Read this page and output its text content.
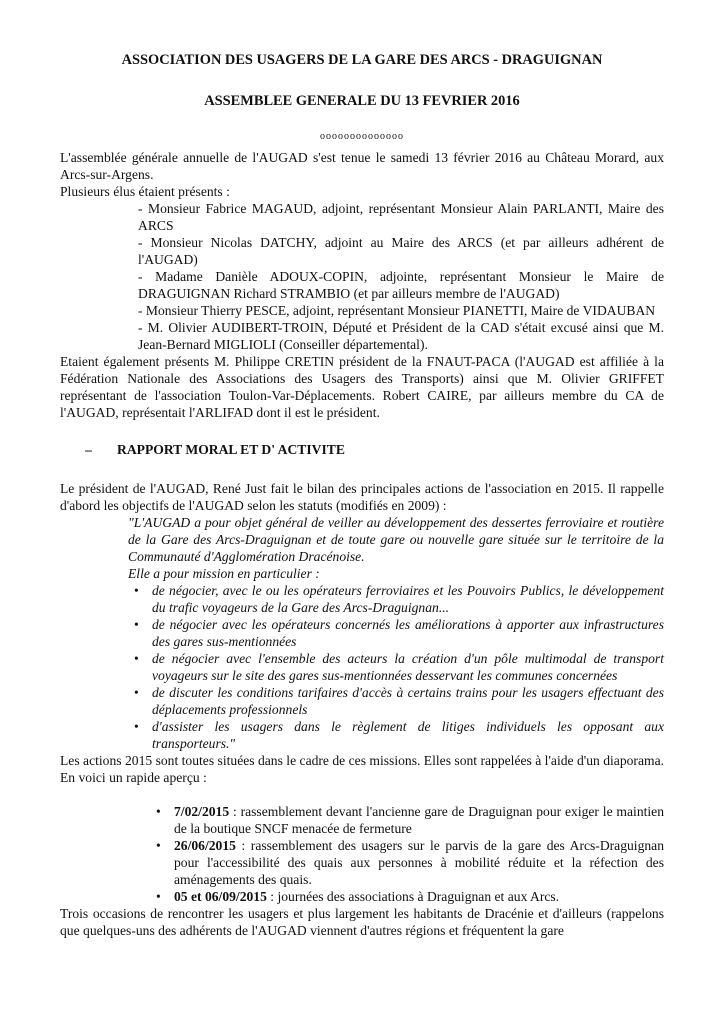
ASSOCIATION DES USAGERS DE LA GARE DES ARCS - DRAGUIGNAN
ASSEMBLEE GENERALE DU 13 FEVRIER 2016
oooooooooooooo

L'assemblée générale annuelle de l'AUGAD s'est tenue le samedi 13 février 2016 au Château Morard, aux Arcs-sur-Argens.

Plusieurs élus étaient présents :

- Monsieur Fabrice MAGAUD, adjoint, représentant Monsieur Alain PARLANTI, Maire des ARCS

- Monsieur Nicolas DATCHY, adjoint au Maire des ARCS (et par ailleurs adhérent de l'AUGAD)

- Madame Danièle ADOUX-COPIN, adjointe, représentant Monsieur le Maire de DRAGUIGNAN Richard STRAMBIO (et par ailleurs membre de l'AUGAD)

- Monsieur Thierry PESCE, adjoint, représentant Monsieur PIANETTI, Maire de VIDAUBAN

- M. Olivier AUDIBERT-TROIN, Député et Président de la CAD s'était excusé ainsi que M. Jean-Bernard MIGLIOLI (Conseiller départemental).

Etaient également présents M. Philippe CRETIN président de la FNAUT-PACA (l'AUGAD est affiliée à la Fédération Nationale des Associations des Usagers des Transports) ainsi que M. Olivier GRIFFET représentant de l'association Toulon-Var-Déplacements. Robert CAIRE, par ailleurs membre du CA de l'AUGAD, représentait l'ARLIFAD dont il est le président.

–	RAPPORT MORAL ET D' ACTIVITE

Le président de l'AUGAD, René Just fait le bilan des principales actions de l'association en 2015. Il rappelle d'abord les objectifs de l'AUGAD selon les statuts (modifiés en 2009) :

"L'AUGAD a pour objet général de veiller au développement des dessertes ferroviaire et routière de la Gare des Arcs-Draguignan et de toute gare ou nouvelle gare située sur le territoire de la Communauté d'Agglomération Dracénoise.

Elle a pour mission en particulier :

• de négocier, avec le ou les opérateurs ferroviaires et les Pouvoirs Publics, le développement du trafic voyageurs de la Gare des Arcs-Draguignan...
• de négocier avec les opérateurs concernés les améliorations à apporter aux infrastructures des gares sus-mentionnées
• de négocier avec l'ensemble des acteurs la création d'un pôle multimodal de transport voyageurs sur le site des gares sus-mentionnées desservant les communes concernées
• de discuter les conditions tarifaires d'accès à certains trains pour les usagers effectuant des déplacements professionnels
• d'assister les usagers dans le règlement de litiges individuels les opposant aux transporteurs."

Les actions 2015 sont toutes situées dans le cadre de ces missions. Elles sont rappelées à l'aide d'un diaporama. En voici un rapide aperçu :

• 7/02/2015 : rassemblement devant l'ancienne gare de Draguignan pour exiger le maintien de la boutique SNCF menacée de fermeture
• 26/06/2015 : rassemblement des usagers sur le parvis de la gare des Arcs-Draguignan pour l'accessibilité des quais aux personnes à mobilité réduite et la réfection des aménagements des quais.
• 05 et 06/09/2015 : journées des associations à Draguignan et aux Arcs.

Trois occasions de rencontrer les usagers et plus largement les habitants de Dracénie et d'ailleurs (rappelons que quelques-uns des adhérents de l'AUGAD viennent d'autres régions et fréquentent la gare
